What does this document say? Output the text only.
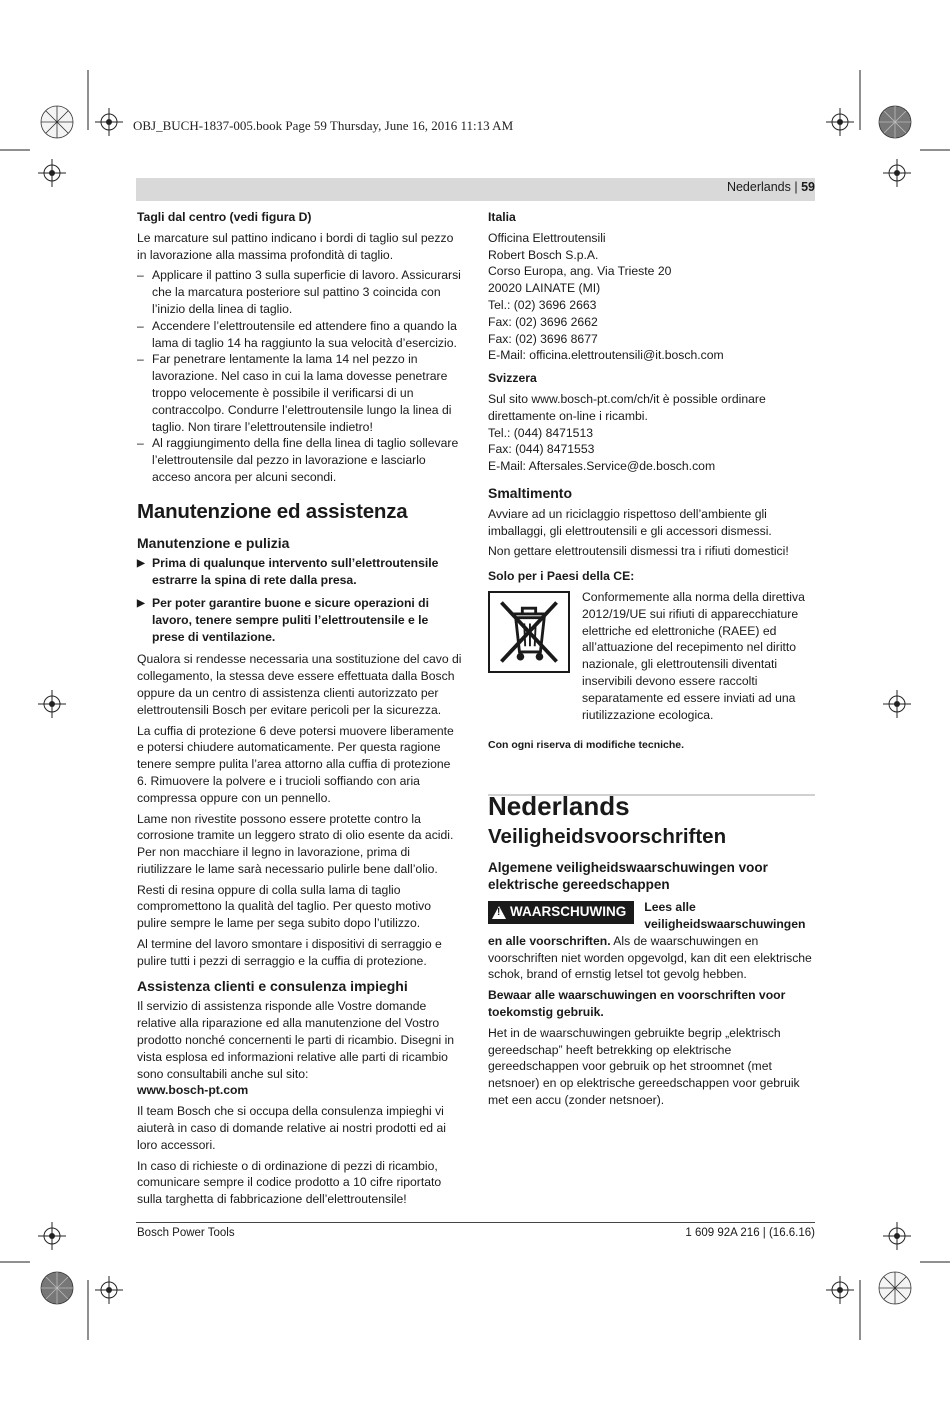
OBJ_BUCH-1837-005.book Page 59 Thursday, June 16, 2016 11:13 AM
Nederlands | 59
Tagli dal centro (vedi figura D)

Le marcature sul pattino indicano i bordi di taglio sul pezzo in lavorazione alla massima profondità di taglio.

– Applicare il pattino 3 sulla superficie di lavoro. Assicurarsi che la marcatura posteriore sul pattino 3 coincida con l’inizio della linea di taglio.

– Accendere l’elettroutensile ed attendere fino a quando la lama di taglio 14 ha raggiunto la sua velocità d’esercizio.

– Far penetrare lentamente la lama 14 nel pezzo in lavorazione. Nel caso in cui la lama dovesse penetrare troppo velocemente è possibile il verificarsi di un contraccolpo. Condurre l’elettroutensile lungo la linea di taglio. Non tirare l’elettroutensile indietro!

– Al raggiungimento della fine della linea di taglio sollevare l’elettroutensile dal pezzo in lavorazione e lasciarlo acceso ancora per alcuni secondi.

Manutenzione ed assistenza
Manutenzione e pulizia

▶ Prima di qualunque intervento sull’elettroutensile estrarre la spina di rete dalla presa.

▶ Per poter garantire buone e sicure operazioni di lavoro, tenere sempre puliti l’elettroutensile e le prese di ventilazione.

Qualora si rendesse necessaria una sostituzione del cavo di collegamento, la stessa deve essere effettuata dalla Bosch oppure da un centro di assistenza clienti autorizzato per elettroutensili Bosch per evitare pericoli per la sicurezza.

La cuffia di protezione 6 deve potersi muovere liberamente e potersi chiudere automaticamente. Per questa ragione tenere sempre pulita l’area attorno alla cuffia di protezione 6. Rimuovere la polvere e i trucioli soffiando con aria compressa oppure con un pennello.

Lame non rivestite possono essere protette contro la corrosione tramite un leggero strato di olio esente da acidi. Per non macchiare il legno in lavorazione, prima di riutilizzare le lame sarà necessario pulirle bene dall’olio.

Resti di resina oppure di colla sulla lama di taglio compromettono la qualità del taglio. Per questo motivo pulire sempre le lame per sega subito dopo l’utilizzo.

Al termine del lavoro smontare i dispositivi di serraggio e pulire tutti i pezzi di serraggio e la cuffia di protezione.

Assistenza clienti e consulenza impieghi

Il servizio di assistenza risponde alle Vostre domande relative alla riparazione ed alla manutenzione del Vostro prodotto nonché concernenti le parti di ricambio. Disegni in vista esplosa ed informazioni relative alle parti di ricambio sono consultabili anche sul sito:

www.bosch-pt.com

Il team Bosch che si occupa della consulenza impieghi vi aiuterà in caso di domande relative ai nostri prodotti ed ai loro accessori.

In caso di richieste o di ordinazione di pezzi di ricambio, comunicare sempre il codice prodotto a 10 cifre riportato sulla targhetta di fabbricazione dell’elettroutensile!

Italia
Officina Elettroutensili
Robert Bosch S.p.A.
Corso Europa, ang. Via Trieste 20
20020 LAINATE (MI)
Tel.: (02) 3696 2663
Fax: (02) 3696 2662
Fax: (02) 3696 8677
E-Mail: officina.elettroutensili@it.bosch.com
Svizzera
Sul sito www.bosch-pt.com/ch/it è possible ordinare direttamente on-line i ricambi.
Tel.: (044) 8471513
Fax: (044) 8471553
E-Mail: Aftersales.Service@de.bosch.com
Smaltimento

Avviare ad un riciclaggio rispettoso dell’ambiente gli imballaggi, gli elettroutensili e gli accessori dismessi.

Non gettare elettroutensili dismessi tra i rifiuti domestici!

Solo per i Paesi della CE:
Conformemente alla norma della direttiva 2012/19/UE sui rifiuti di apparecchiature elettriche ed elettroniche (RAEE) ed all’attuazione del recepimento nel diritto nazionale, gli elettroutensili diventati inservibili devono essere raccolti separatamente ed essere inviati ad una riutilizzazione ecologica.
Con ogni riserva di modifiche tecniche.
Nederlands
Veiligheidsvoorschriften
Algemene veiligheidswaarschuwingen voor elektrische gereedschappen
! WAARSCHUWING	Lees alle veiligheidswaarschuwingen en alle voorschriften. Als de waarschuwingen en voorschriften niet worden opgevolgd, kan dit een elektrische schok, brand of ernstig letsel tot gevolg hebben.

Bewaar alle waarschuwingen en voorschriften voor toekomstig gebruik.

Het in de waarschuwingen gebruikte begrip „elektrisch gereedschap” heeft betrekking op elektrische gereedschappen voor gebruik op het stroomnet (met netsnoer) en op elektrische gereedschappen voor gebruik met een accu (zonder netsnoer).

Bosch Power Tools	1 609 92A 216 | (16.6.16)
